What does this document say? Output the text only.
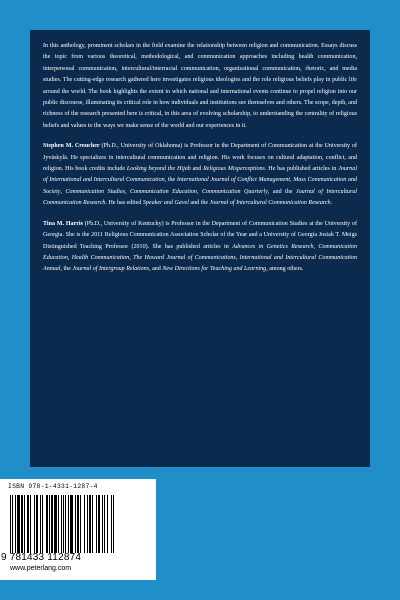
In this anthology, prominent scholars in the field examine the relationship between religion and communication. Essays discuss the topic from various theoretical, methodological, and communication approaches including health communication, interpersonal communication, intercultural/interracial communication, organizational communication, rhetoric, and media studies. The cutting-edge research gathered here investigates religious ideologies and the role religious beliefs play in public life around the world. The book highlights the extent to which national and international events continue to propel religion into our public discourse, illuminating its critical role in how individuals and institutions see themselves and others. The scope, depth, and richness of the research presented here is critical, in this area of evolving scholarship, to understanding the centrality of religious beliefs and values to the ways we make sense of the world and our experiences in it.

Stephen M. Croucher (Ph.D., University of Oklahoma) is Professor in the Department of Communication at the University of Jyväskylä. He specializes in intercultural communication and religion. His work focuses on cultural adaptation, conflict, and religion. His book credits include Looking beyond the Hijab and Religious Misperceptions. He has published articles in Journal of International and Intercultural Communication, the International Journal of Conflict Management, Mass Communication and Society, Communication Studies, Communication Education, Communication Quarterly, and the Journal of Intercultural Communication Research. He has edited Speaker and Gavel and the Journal of Intercultural Communication Research.

Tina M. Harris (Ph.D., University of Kentucky) is Professor in the Department of Communication Studies at the University of Georgia. She is the 2011 Religious Communication Association Scholar of the Year and a University of Georgia Josiah T. Meigs Distinguished Teaching Professor (2010). She has published articles in Advances in Genetics Research, Communication Education, Health Communication, The Howard Journal of Communications, International and Intercultural Communication Annual, the Journal of Intergroup Relations, and New Directions for Teaching and Learning, among others.

ISBN 978-1-4331-1287-4
9 781433 112874
www.peterlang.com
